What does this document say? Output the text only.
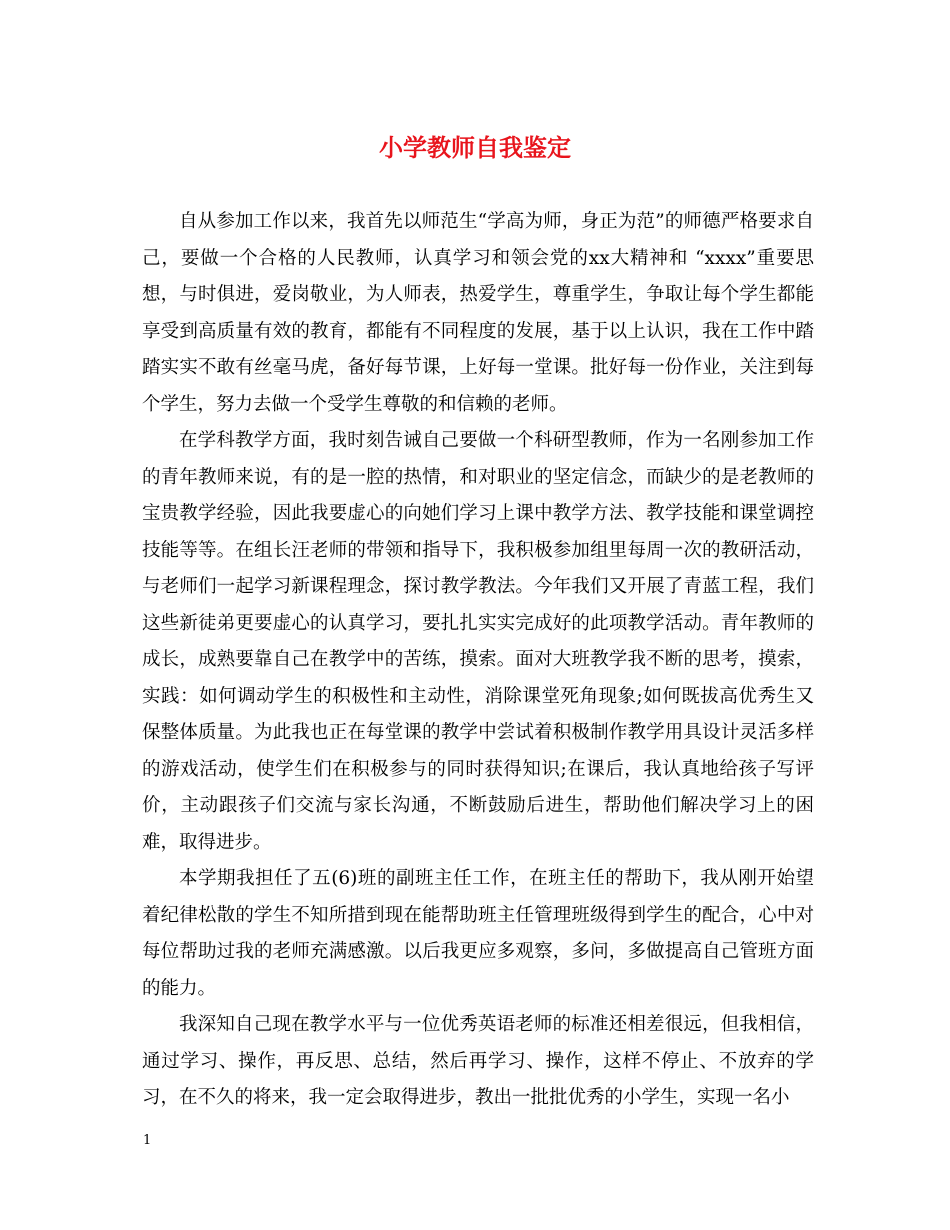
小学教师自我鉴定

自从参加工作以来，我首先以师范生“学高为师，身正为范”的师德严格要求自己，要做一个合格的人民教师，认真学习和领会党的xx大精神和 “xxxx”重要思想，与时俱进，爱岗敬业，为人师表，热爱学生，尊重学生，争取让每个学生都能享受到高质量有效的教育，都能有不同程度的发展，基于以上认识，我在工作中踏踏实实不敢有丝毫马虎，备好每节课，上好每一堂课。批好每一份作业，关注到每个学生，努力去做一个受学生尊敬的和信赖的老师。

在学科教学方面，我时刻告诫自己要做一个科研型教师，作为一名刚参加工作的青年教师来说，有的是一腔的热情，和对职业的坚定信念，而缺少的是老教师的宝贵教学经验，因此我要虚心的向她们学习上课中教学方法、教学技能和课堂调控技能等等。在组长汪老师的带领和指导下，我积极参加组里每周一次的教研活动，与老师们一起学习新课程理念，探讨教学教法。今年我们又开展了青蓝工程，我们这些新徒弟更要虚心的认真学习，要扎扎实实完成好的此项教学活动。青年教师的成长，成熟要靠自己在教学中的苦练，摸索。面对大班教学我不断的思考，摸索，实践：如何调动学生的积极性和主动性，消除课堂死角现象;如何既拔高优秀生又保整体质量。为此我也正在每堂课的教学中尝试着积极制作教学用具设计灵活多样的游戏活动，使学生们在积极参与的同时获得知识;在课后，我认真地给孩子写评价，主动跟孩子们交流与家长沟通，不断鼓励后进生，帮助他们解决学习上的困难，取得进步。

本学期我担任了五(6)班的副班主任工作，在班主任的帮助下，我从刚开始望着纪律松散的学生不知所措到现在能帮助班主任管理班级得到学生的配合，心中对每位帮助过我的老师充满感激。以后我更应多观察，多问，多做提高自己管班方面的能力。

我深知自己现在教学水平与一位优秀英语老师的标准还相差很远，但我相信，通过学习、操作，再反思、总结，然后再学习、操作，这样不停止、不放弃的学习，在不久的将来，我一定会取得进步，教出一批批优秀的小学生，实现一名小

1
